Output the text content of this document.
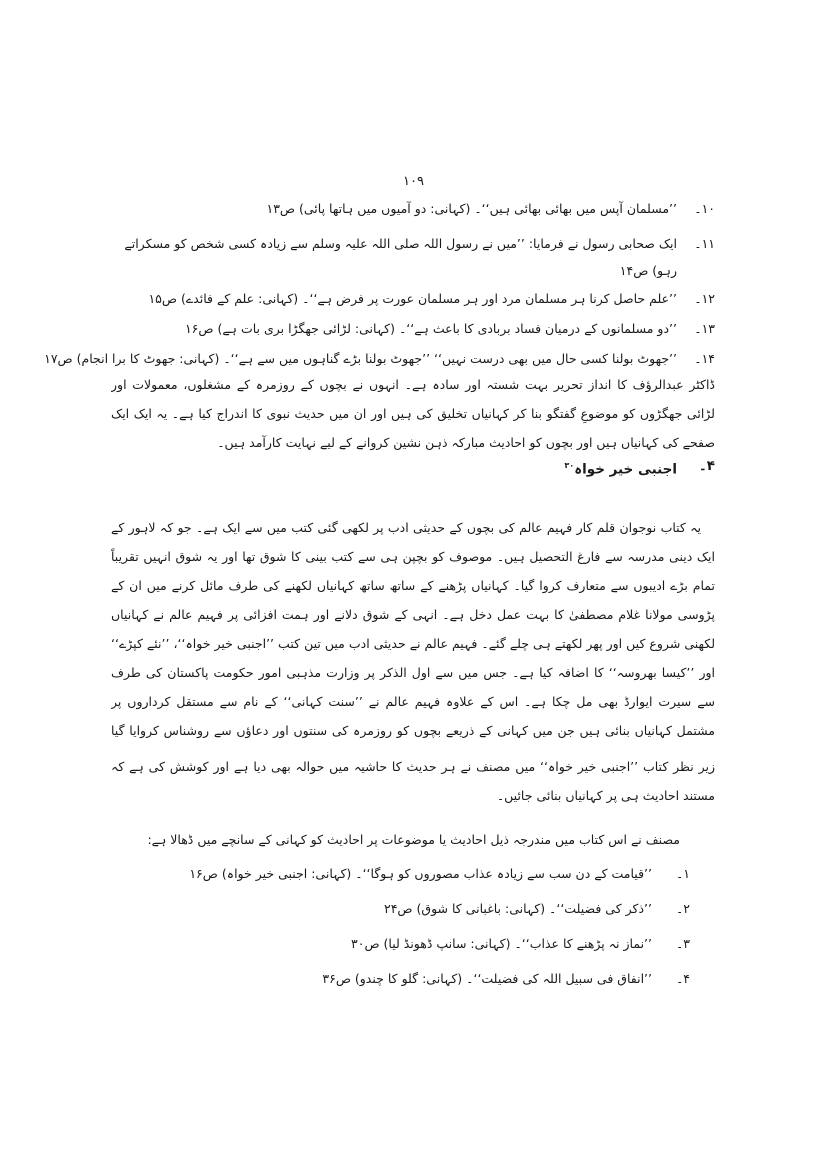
۱۰۹
۱۰۔
’’مسلمان آپس میں بھائی بھائی ہیں‘‘۔ (کہانی: دو آمیوں میں ہاتھا پائی) ص۱۳
۱۱۔
ایک صحابی رسول نے فرمایا: ’’میں نے رسول اللہ صلی اللہ علیہ وسلم سے زیادہ کسی شخص کو مسکراتے
رہو) ص۱۴
۱۲۔
’’علم حاصل کرنا ہر مسلمان مرد اور ہر مسلمان عورت پر فرض ہے‘‘۔ (کہانی: علم کے فائدے) ص۱۵
۱۳۔
’’دو مسلمانوں کے درمیان فساد بربادی کا باعث ہے‘‘۔ (کہانی: لڑائی جھگڑا بری بات ہے) ص۱۶
۱۴۔
’’جھوٹ بولنا کسی حال میں بھی درست نہیں‘‘ ’’جھوٹ بولنا بڑے گناہوں میں سے ہے‘‘۔ (کہانی: جھوٹ کا برا انجام) ص۱۷
ڈاکٹر عبدالرؤف کا انداز تحریر بہت شستہ اور سادہ ہے۔ انہوں نے بچوں کے روزمرہ کے مشغلوں، معمولات اور لڑائی جھگڑوں کو موضوعِ گفتگو بنا کر کہانیاں تخلیق کی ہیں اور ان میں حدیث نبوی کا اندراج کیا ہے۔ یہ ایک ایک صفحے کی کہانیاں ہیں اور بچوں کو احادیث مبارکہ ذہن نشین کروانے کے لیے نہایت کارآمد ہیں۔
۴۔
اجنبی خیر خواہ$^{۳۰}$
یہ کتاب نوجوان قلم کار فہیم عالم کی بچوں کے حدیثی ادب پر لکھی گئی کتب میں سے ایک ہے۔ جو کہ لاہور کے ایک دینی مدرسہ سے فارغ التحصیل ہیں۔ موصوف کو بچپن ہی سے کتب بینی کا شوق تھا اور یہ شوق انہیں تقریباً تمام بڑے ادیبوں سے متعارف کروا گیا۔ کہانیاں پڑھنے کے ساتھ ساتھ کہانیاں لکھنے کی طرف مائل کرنے میں ان کے پڑوسی مولانا غلام مصطفیٰ کا بہت عمل دخل ہے۔ انہی کے شوق دلانے اور ہمت افزائی پر فہیم عالم نے کہانیاں لکھنی شروع کیں اور پھر لکھتے ہی چلے گئے۔ فہیم عالم نے حدیثی ادب میں تین کتب ’’اجنبی خیر خواہ‘‘، ’’نئے کپڑے‘‘ اور ’’کیسا بھروسہ‘‘ کا اضافہ کیا ہے۔ جس میں سے اول الذکر پر وزارت مذہبی امور حکومت پاکستان کی طرف سے سیرت ایوارڈ بھی مل چکا ہے۔ اس کے علاوہ فہیم عالم نے ’’سنت کہانی‘‘ کے نام سے مستقل کرداروں پر مشتمل کہانیاں بنائی ہیں جن میں کہانی کے ذریعے بچوں کو روزمرہ کی سنتوں اور دعاؤں سے روشناس کروایا گیا
زیر نظر کتاب ’’اجنبی خیر خواہ‘‘ میں مصنف نے ہر حدیث کا حاشیہ میں حوالہ بھی دیا ہے اور کوشش کی ہے کہ مستند احادیث ہی پر کہانیاں بنائی جائیں۔
مصنف نے اس کتاب میں مندرجہ ذیل احادیث یا موضوعات پر احادیث کو کہانی کے سانچے میں ڈھالا ہے:
۱۔
’’قیامت کے دن سب سے زیادہ عذاب مصوروں کو ہوگا‘‘۔ (کہانی: اجنبی خیر خواہ) ص۱۶
۲۔
’’ذکر کی فضیلت‘‘۔ (کہانی: باغبانی کا شوق) ص۲۴
۳۔
’’نماز نہ پڑھنے کا عذاب‘‘۔ (کہانی: سانپ ڈھونڈ لیا) ص۳۰
۴۔
’’انفاق فی سبیل اللہ کی فضیلت‘‘۔ (کہانی: گلو کا چندو) ص۳۶
